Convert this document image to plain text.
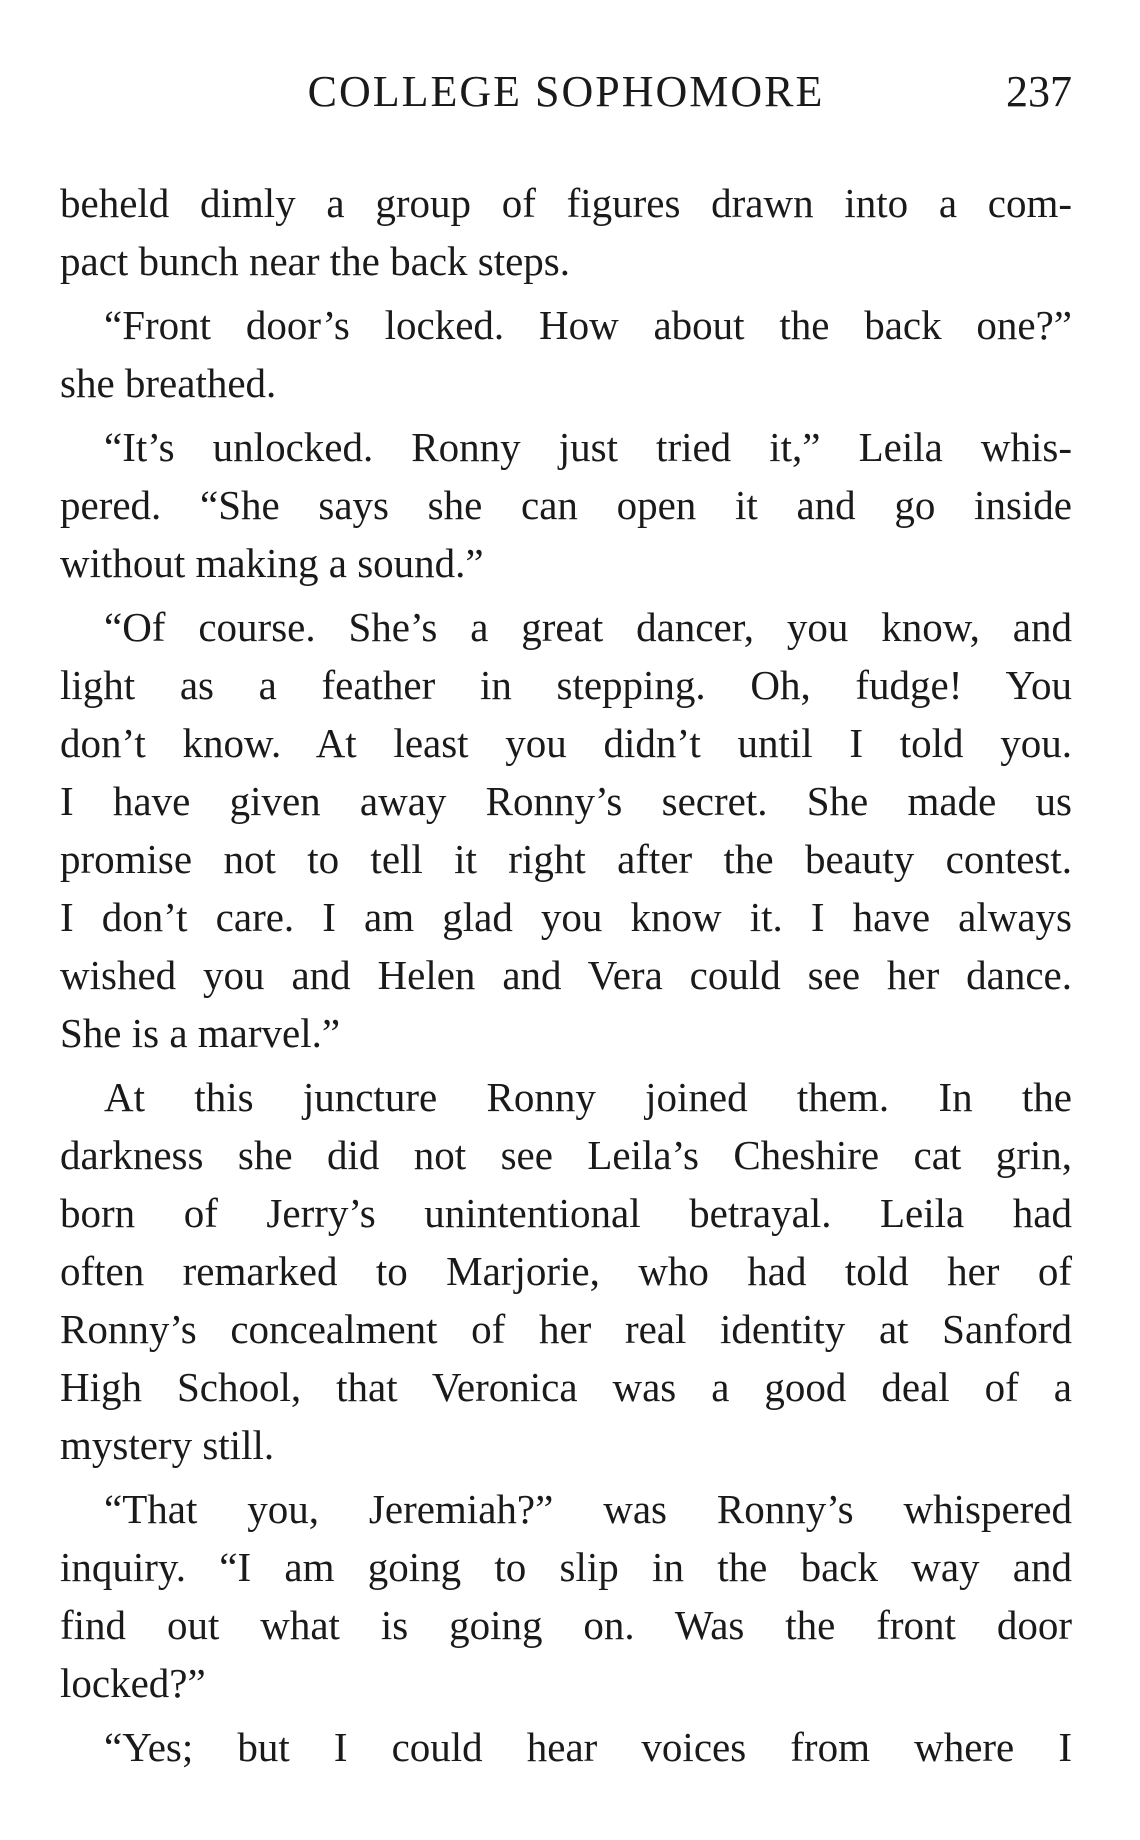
COLLEGE SOPHOMORE	237
beheld dimly a group of figures drawn into a com-
pact bunch near the back steps.
“Front door’s locked. How about the back one?”
she breathed.
“It’s unlocked. Ronny just tried it,” Leila whis-
pered. “She says she can open it and go inside
without making a sound.”
“Of course. She’s a great dancer, you know, and
light as a feather in stepping. Oh, fudge! You
don’t know. At least you didn’t until I told you.
I have given away Ronny’s secret. She made us
promise not to tell it right after the beauty contest.
I don’t care. I am glad you know it. I have always
wished you and Helen and Vera could see her dance.
She is a marvel.”
At this juncture Ronny joined them. In the
darkness she did not see Leila’s Cheshire cat grin,
born of Jerry’s unintentional betrayal. Leila had
often remarked to Marjorie, who had told her of
Ronny’s concealment of her real identity at Sanford
High School, that Veronica was a good deal of a
mystery still.
“That you, Jeremiah?” was Ronny’s whispered
inquiry. “I am going to slip in the back way and
find out what is going on. Was the front door
locked?”
“Yes; but I could hear voices from where I
